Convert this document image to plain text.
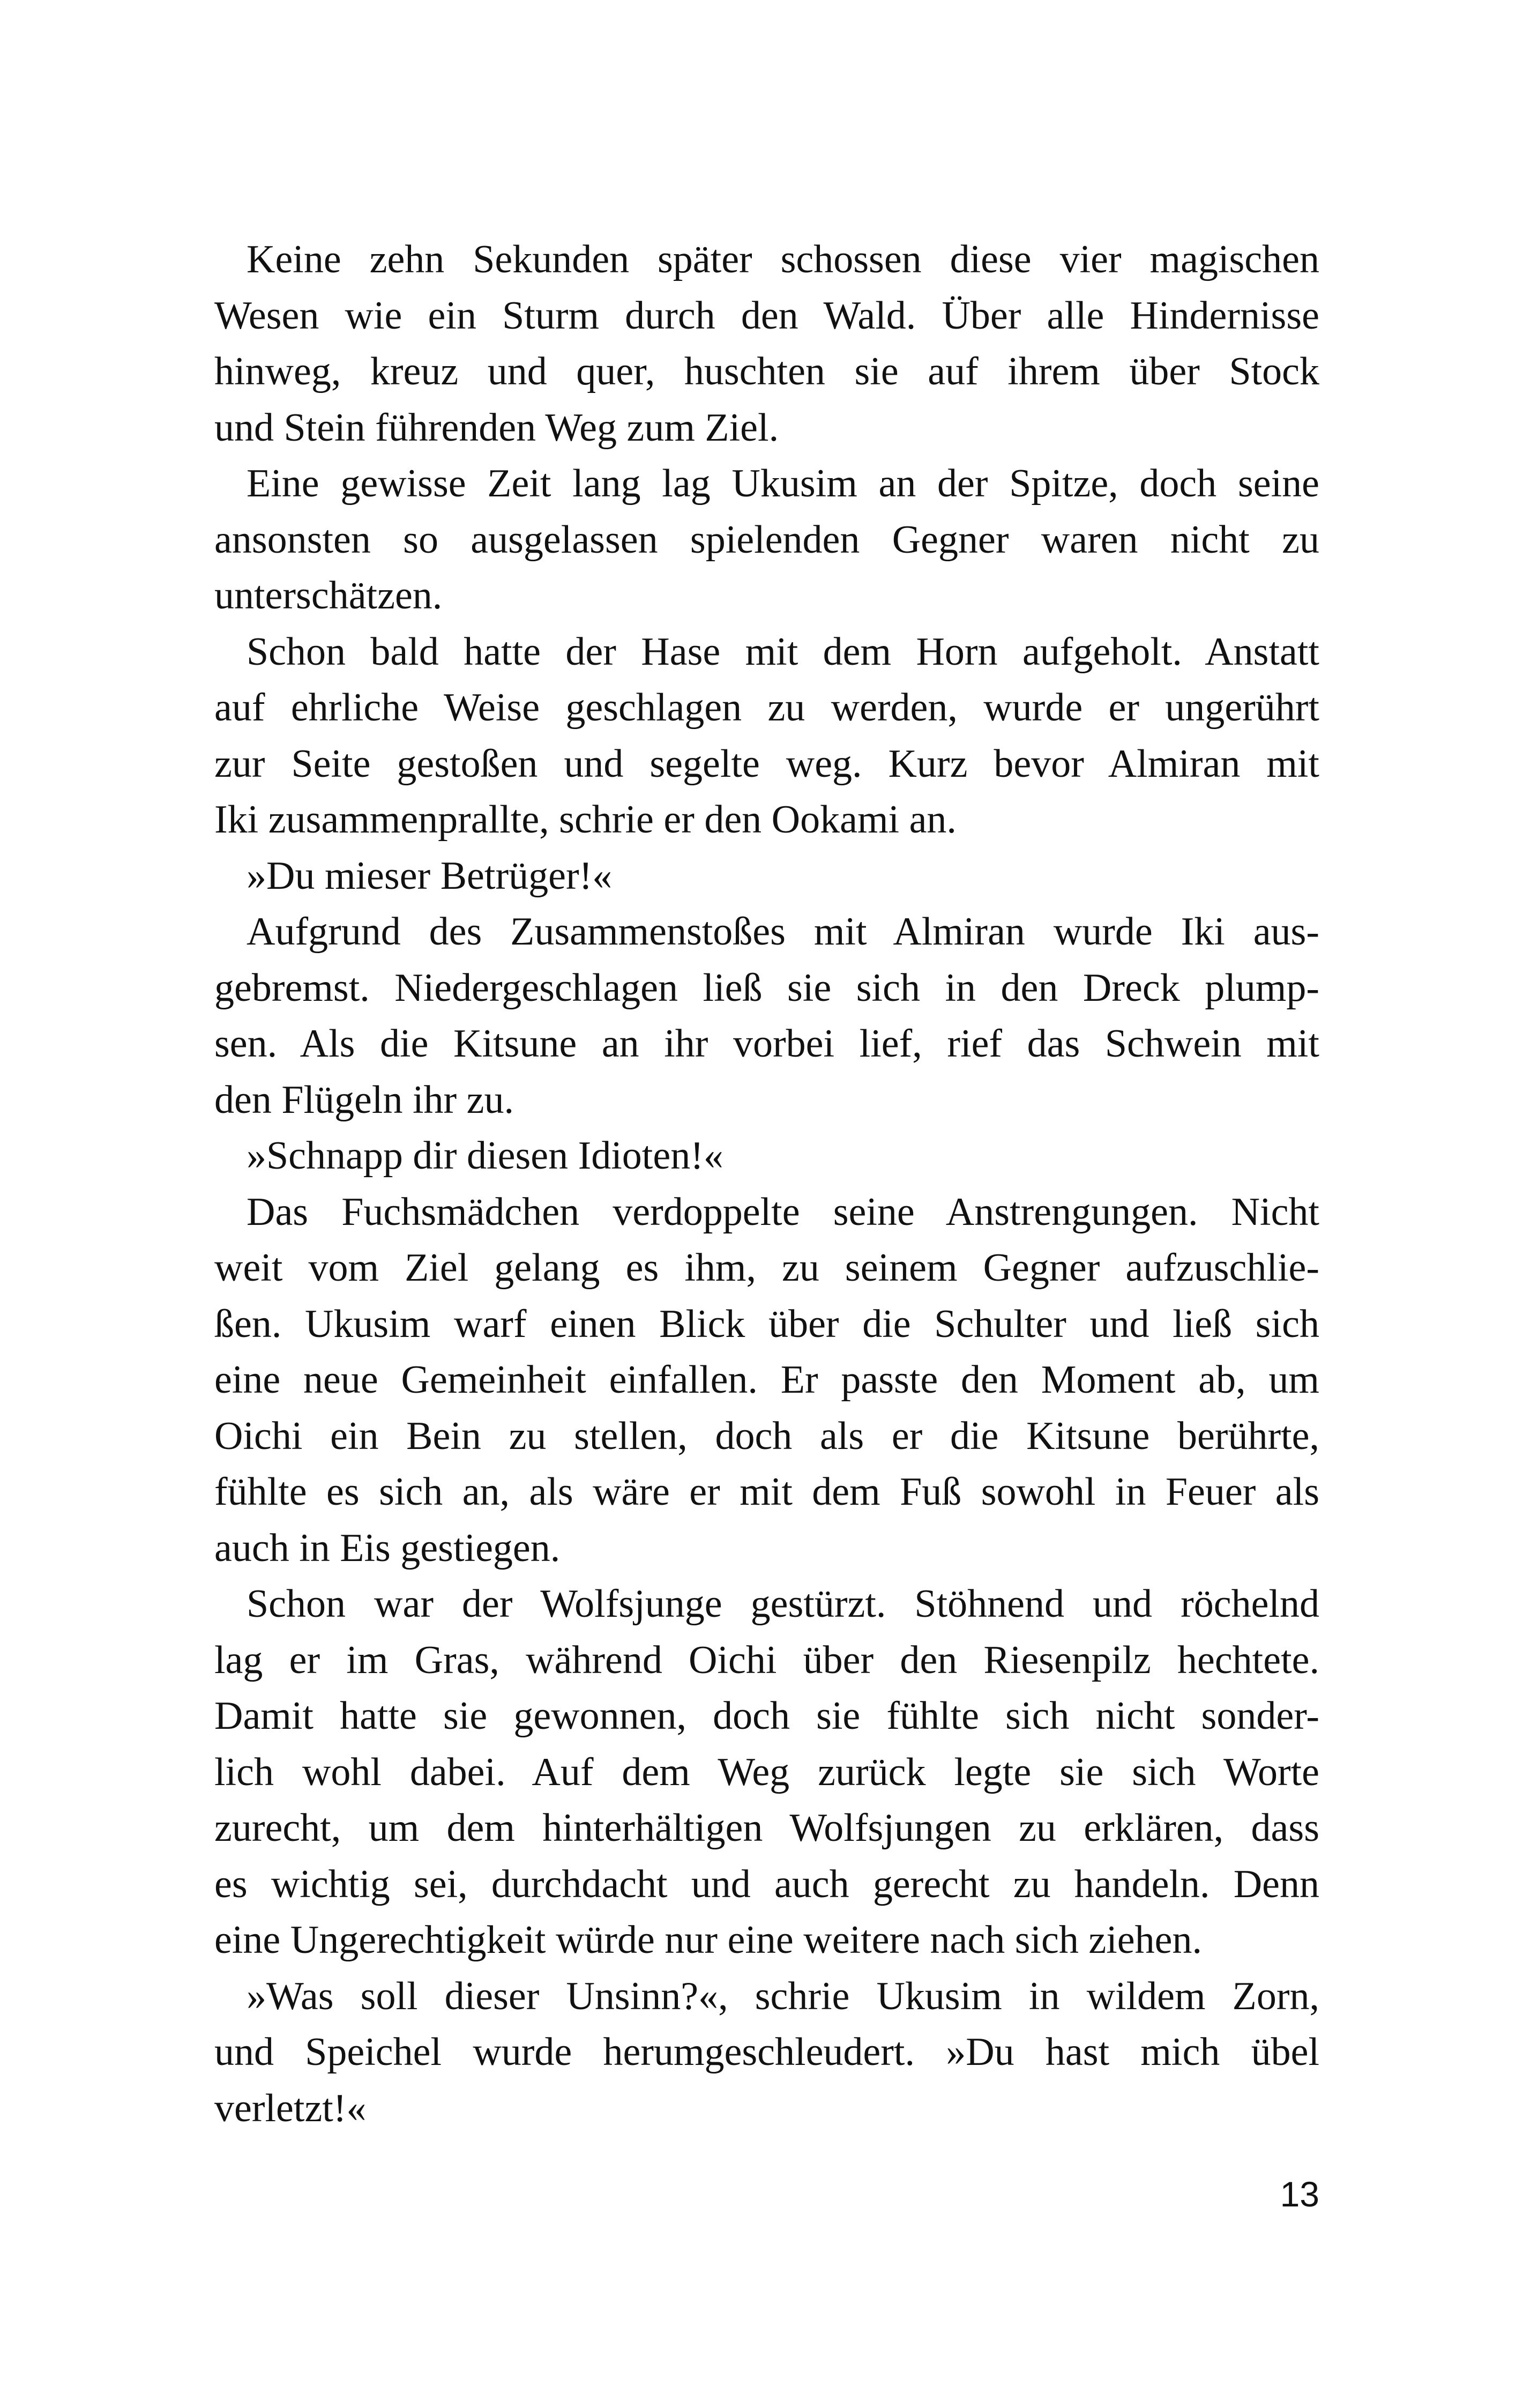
Keine zehn Sekunden später schossen diese vier magischen
Wesen wie ein Sturm durch den Wald. Über alle Hindernisse
hinweg, kreuz und quer, huschten sie auf ihrem über Stock
und Stein führenden Weg zum Ziel.
Eine gewisse Zeit lang lag Ukusim an der Spitze, doch seine
ansonsten so ausgelassen spielenden Gegner waren nicht zu
unterschätzen.
Schon bald hatte der Hase mit dem Horn aufgeholt. Anstatt
auf ehrliche Weise geschlagen zu werden, wurde er ungerührt
zur Seite gestoßen und segelte weg. Kurz bevor Almiran mit
Iki zusammenprallte, schrie er den Ookami an.
»Du mieser Betrüger!«
Aufgrund des Zusammenstoßes mit Almiran wurde Iki aus-
gebremst. Niedergeschlagen ließ sie sich in den Dreck plump-
sen. Als die Kitsune an ihr vorbei lief, rief das Schwein mit
den Flügeln ihr zu.
»Schnapp dir diesen Idioten!«
Das Fuchsmädchen verdoppelte seine Anstrengungen. Nicht
weit vom Ziel gelang es ihm, zu seinem Gegner aufzuschlie-
ßen. Ukusim warf einen Blick über die Schulter und ließ sich
eine neue Gemeinheit einfallen. Er passte den Moment ab, um
Oichi ein Bein zu stellen, doch als er die Kitsune berührte,
fühlte es sich an, als wäre er mit dem Fuß sowohl in Feuer als
auch in Eis gestiegen.
Schon war der Wolfsjunge gestürzt. Stöhnend und röchelnd
lag er im Gras, während Oichi über den Riesenpilz hechtete.
Damit hatte sie gewonnen, doch sie fühlte sich nicht sonder-
lich wohl dabei. Auf dem Weg zurück legte sie sich Worte
zurecht, um dem hinterhältigen Wolfsjungen zu erklären, dass
es wichtig sei, durchdacht und auch gerecht zu handeln. Denn
eine Ungerechtigkeit würde nur eine weitere nach sich ziehen.
»Was soll dieser Unsinn?«, schrie Ukusim in wildem Zorn,
und Speichel wurde herumgeschleudert. »Du hast mich übel
verletzt!«
13
